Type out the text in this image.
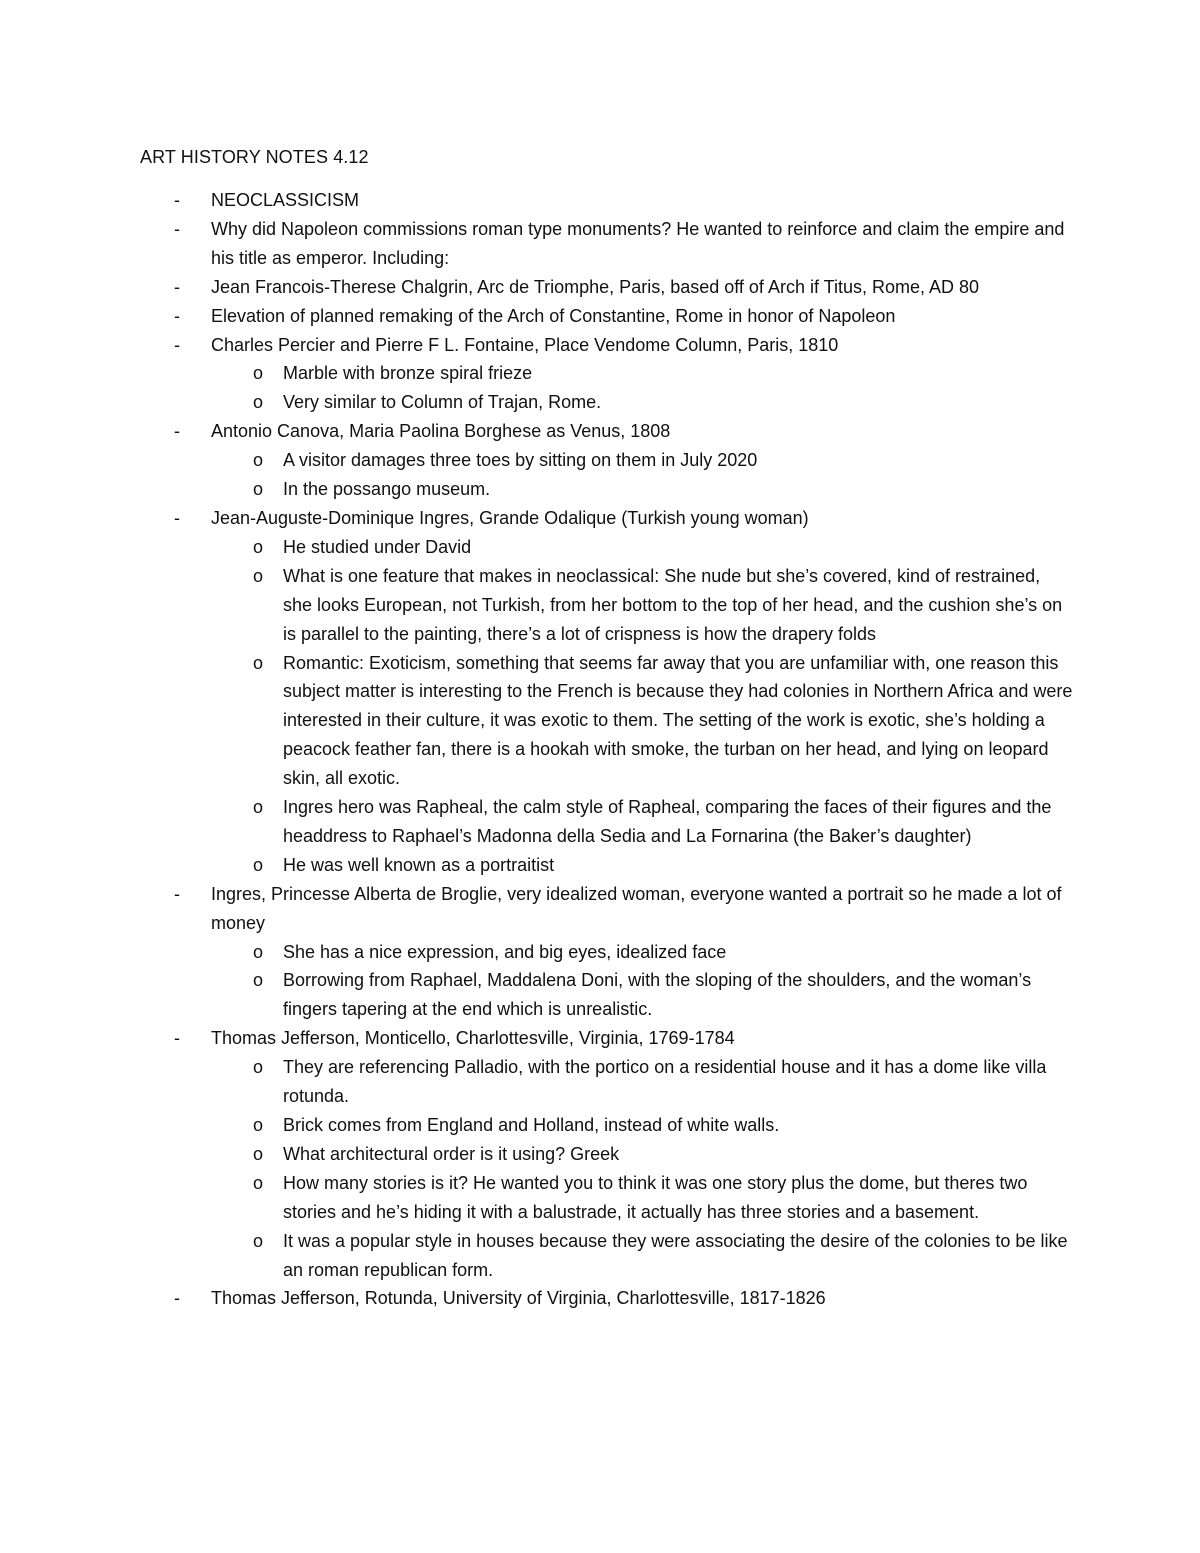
ART HISTORY NOTES 4.12
- NEOCLASSICISM
- Why did Napoleon commissions roman type monuments? He wanted to reinforce and claim the empire and his title as emperor. Including:
- Jean Francois-Therese Chalgrin, Arc de Triomphe, Paris, based off of Arch if Titus, Rome, AD 80
- Elevation of planned remaking of the Arch of Constantine, Rome in honor of Napoleon
- Charles Percier and Pierre F L. Fontaine, Place Vendome Column, Paris, 1810
o Marble with bronze spiral frieze
o Very similar to Column of Trajan, Rome.
- Antonio Canova, Maria Paolina Borghese as Venus, 1808
o A visitor damages three toes by sitting on them in July 2020
o In the possango museum.
- Jean-Auguste-Dominique Ingres, Grande Odalique (Turkish young woman)
o He studied under David
o What is one feature that makes in neoclassical: She nude but she’s covered, kind of restrained, she looks European, not Turkish, from her bottom to the top of her head, and the cushion she’s on is parallel to the painting, there’s a lot of crispness is how the drapery folds
o Romantic: Exoticism, something that seems far away that you are unfamiliar with, one reason this subject matter is interesting to the French is because they had colonies in Northern Africa and were interested in their culture, it was exotic to them. The setting of the work is exotic, she’s holding a peacock feather fan, there is a hookah with smoke, the turban on her head, and lying on leopard skin, all exotic.
o Ingres hero was Rapheal, the calm style of Rapheal, comparing the faces of their figures and the headdress to Raphael’s Madonna della Sedia and La Fornarina (the Baker’s daughter)
o He was well known as a portraitist
- Ingres, Princesse Alberta de Broglie, very idealized woman, everyone wanted a portrait so he made a lot of money
o She has a nice expression, and big eyes, idealized face
o Borrowing from Raphael, Maddalena Doni, with the sloping of the shoulders, and the woman’s fingers tapering at the end which is unrealistic.
- Thomas Jefferson, Monticello, Charlottesville, Virginia, 1769-1784
o They are referencing Palladio, with the portico on a residential house and it has a dome like villa rotunda.
o Brick comes from England and Holland, instead of white walls.
o What architectural order is it using? Greek
o How many stories is it? He wanted you to think it was one story plus the dome, but theres two stories and he’s hiding it with a balustrade, it actually has three stories and a basement.
o It was a popular style in houses because they were associating the desire of the colonies to be like an roman republican form.
- Thomas Jefferson, Rotunda, University of Virginia, Charlottesville, 1817-1826
